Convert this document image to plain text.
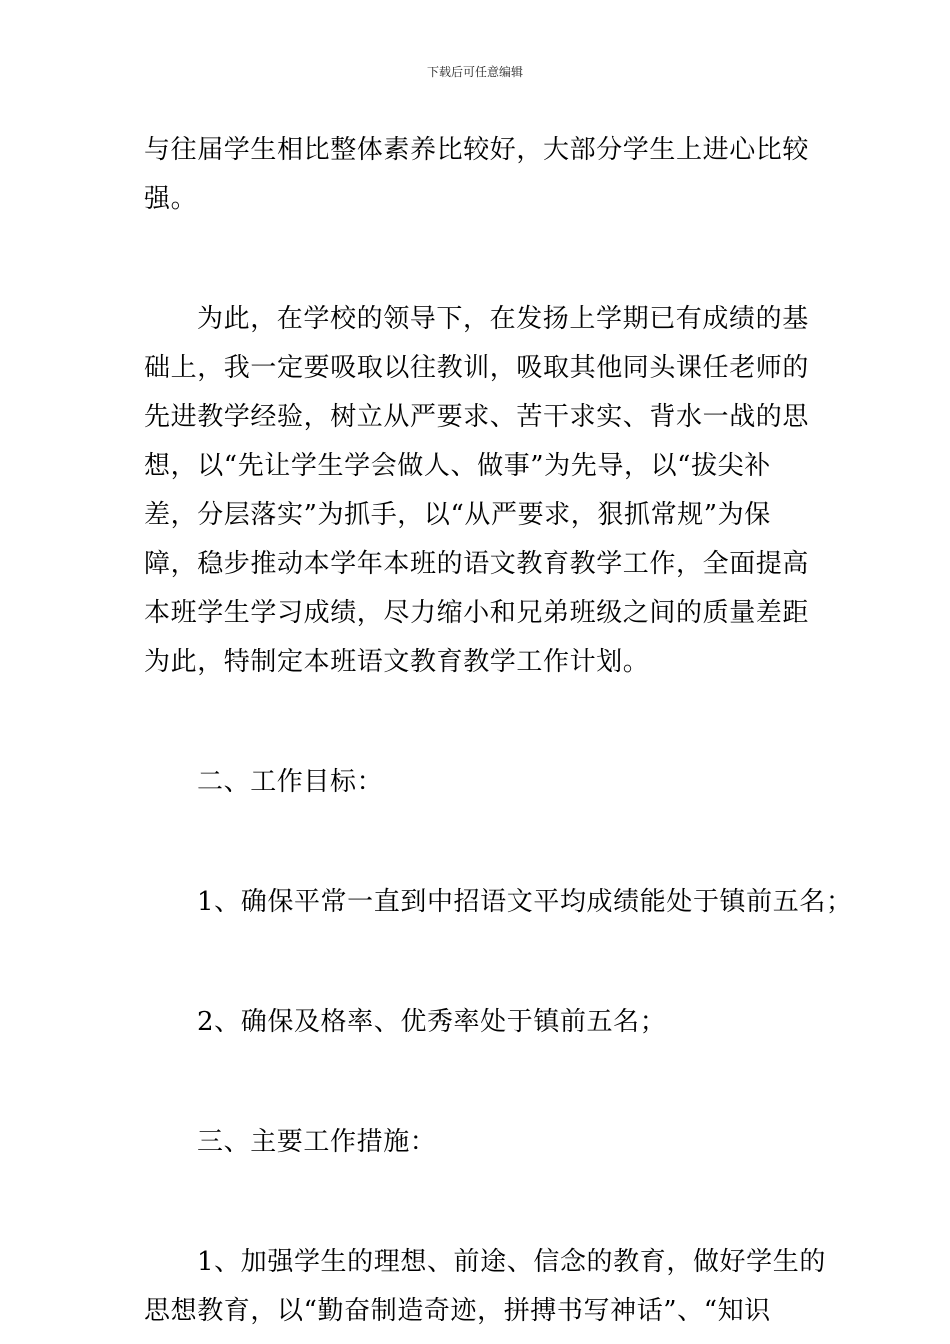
下载后可任意编辑
与往届学生相比整体素养比较好，大部分学生上进心比较
强。
为此，在学校的领导下，在发扬上学期已有成绩的基
础上，我一定要吸取以往教训，吸取其他同头课任老师的
先进教学经验，树立从严要求、苦干求实、背水一战的思
想，以“先让学生学会做人、做事”为先导，以“拔尖补
差，分层落实”为抓手，以“从严要求，狠抓常规”为保
障，稳步推动本学年本班的语文教育教学工作，全面提高
本班学生学习成绩，尽力缩小和兄弟班级之间的质量差距
为此，特制定本班语文教育教学工作计划。
二、工作目标：
1、确保平常一直到中招语文平均成绩能处于镇前五名；
2、确保及格率、优秀率处于镇前五名；
三、主要工作措施：
1、加强学生的理想、前途、信念的教育，做好学生的
思想教育，以“勤奋制造奇迹，拼搏书写神话”、“知识
